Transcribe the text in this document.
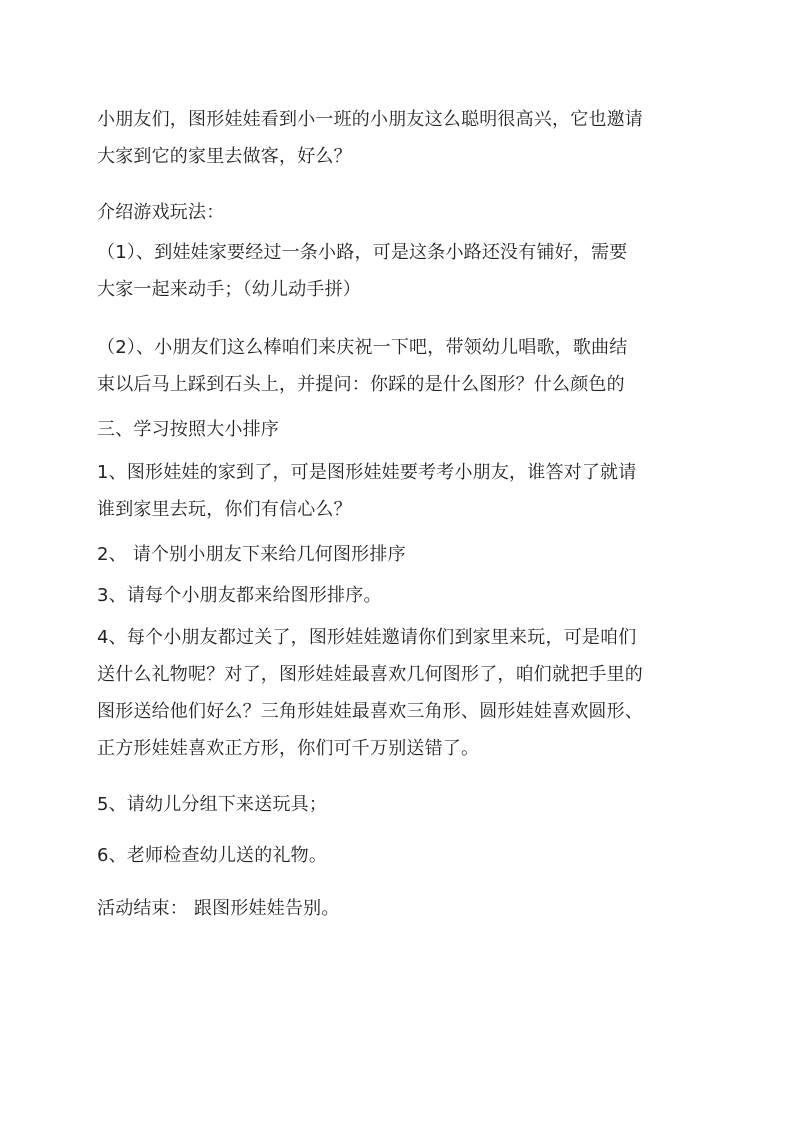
小朋友们，图形娃娃看到小一班的小朋友这么聪明很高兴，它也邀请
大家到它的家里去做客，好么？

介绍游戏玩法：

（1）、到娃娃家要经过一条小路，可是这条小路还没有铺好，需要
大家一起来动手；（幼儿动手拼）

（2）、小朋友们这么棒咱们来庆祝一下吧，带领幼儿唱歌，歌曲结
束以后马上踩到石头上，并提问：你踩的是什么图形？什么颜色的

三、学习按照大小排序

1、图形娃娃的家到了，可是图形娃娃要考考小朋友，谁答对了就请
谁到家里去玩，你们有信心么？

2、 请个别小朋友下来给几何图形排序

3、请每个小朋友都来给图形排序。

4、每个小朋友都过关了，图形娃娃邀请你们到家里来玩，可是咱们
送什么礼物呢？对了，图形娃娃最喜欢几何图形了，咱们就把手里的
图形送给他们好么？三角形娃娃最喜欢三角形、圆形娃娃喜欢圆形、
正方形娃娃喜欢正方形，你们可千万别送错了。

5、请幼儿分组下来送玩具；

6、老师检查幼儿送的礼物。

活动结束： 跟图形娃娃告别。
